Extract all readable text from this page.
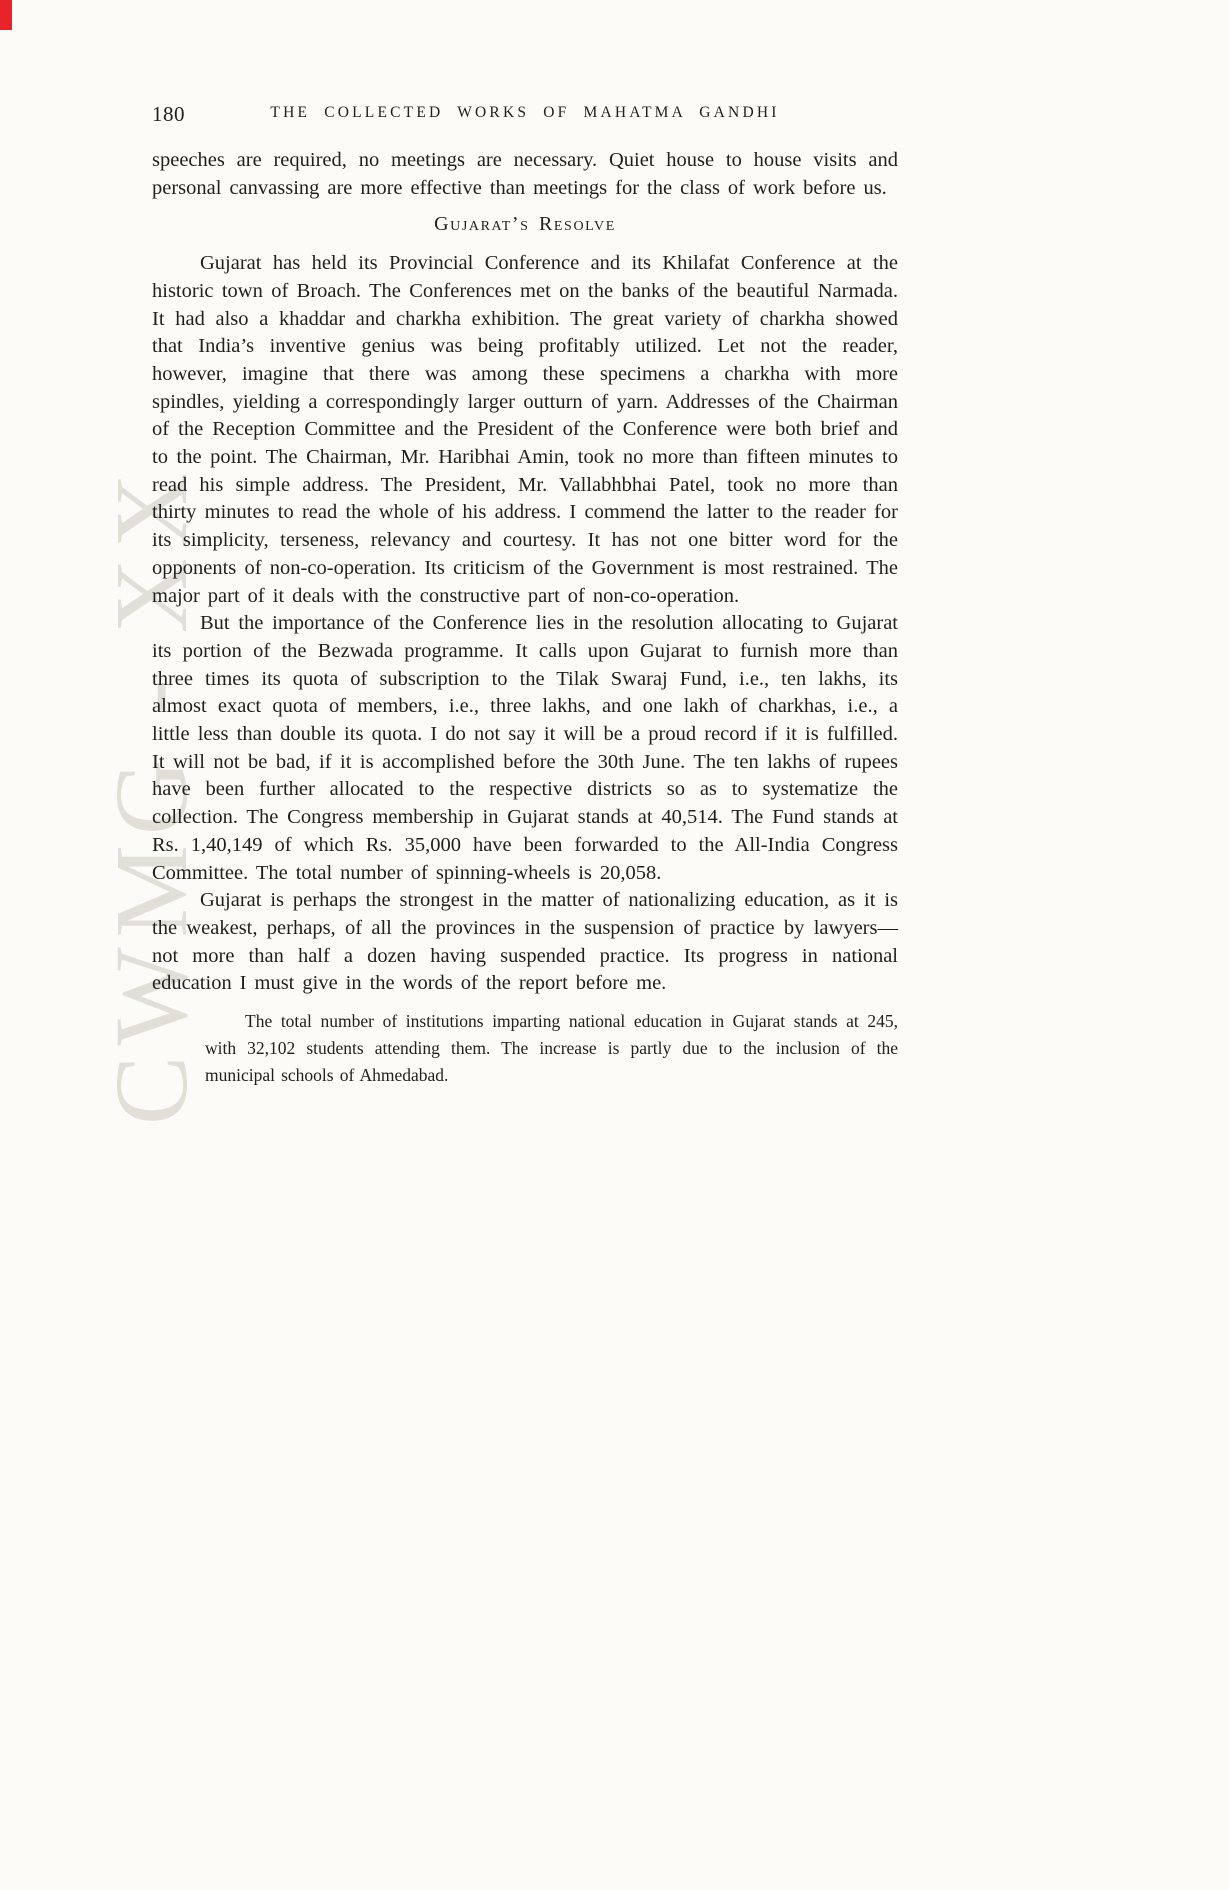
CWMG - XX
180	THE COLLECTED WORKS OF MAHATMA GANDHI

speeches are required, no meetings are necessary. Quiet house to house visits and personal canvassing are more effective than meetings for the class of work before us.

Gujarat’s Resolve

Gujarat has held its Provincial Conference and its Khilafat Conference at the historic town of Broach. The Conferences met on the banks of the beautiful Narmada. It had also a khaddar and charkha exhibition. The great variety of charkha showed that India’s inventive genius was being profitably utilized. Let not the reader, however, imagine that there was among these specimens a charkha with more spindles, yielding a correspondingly larger outturn of yarn. Addresses of the Chairman of the Reception Committee and the President of the Conference were both brief and to the point. The Chairman, Mr. Haribhai Amin, took no more than fifteen minutes to read his simple address. The President, Mr. Vallabhbhai Patel, took no more than thirty minutes to read the whole of his address. I commend the latter to the reader for its simplicity, terseness, relevancy and courtesy. It has not one bitter word for the opponents of non-co-operation. Its criticism of the Government is most restrained. The major part of it deals with the constructive part of non-co-operation.

But the importance of the Conference lies in the resolution allocating to Gujarat its portion of the Bezwada programme. It calls upon Gujarat to furnish more than three times its quota of subscription to the Tilak Swaraj Fund, i.e., ten lakhs, its almost exact quota of members, i.e., three lakhs, and one lakh of charkhas, i.e., a little less than double its quota. I do not say it will be a proud record if it is fulfilled. It will not be bad, if it is accomplished before the 30th June. The ten lakhs of rupees have been further allocated to the respective districts so as to systematize the collection. The Congress membership in Gujarat stands at 40,514. The Fund stands at Rs. 1,40,149 of which Rs. 35,000 have been forwarded to the All-India Congress Committee. The total number of spinning-wheels is 20,058.

Gujarat is perhaps the strongest in the matter of nationalizing education, as it is the weakest, perhaps, of all the provinces in the suspension of practice by lawyers—not more than half a dozen having suspended practice. Its progress in national education I must give in the words of the report before me.

The total number of institutions imparting national education in Gujarat stands at 245, with 32,102 students attending them. The increase is partly due to the inclusion of the municipal schools of Ahmedabad.
